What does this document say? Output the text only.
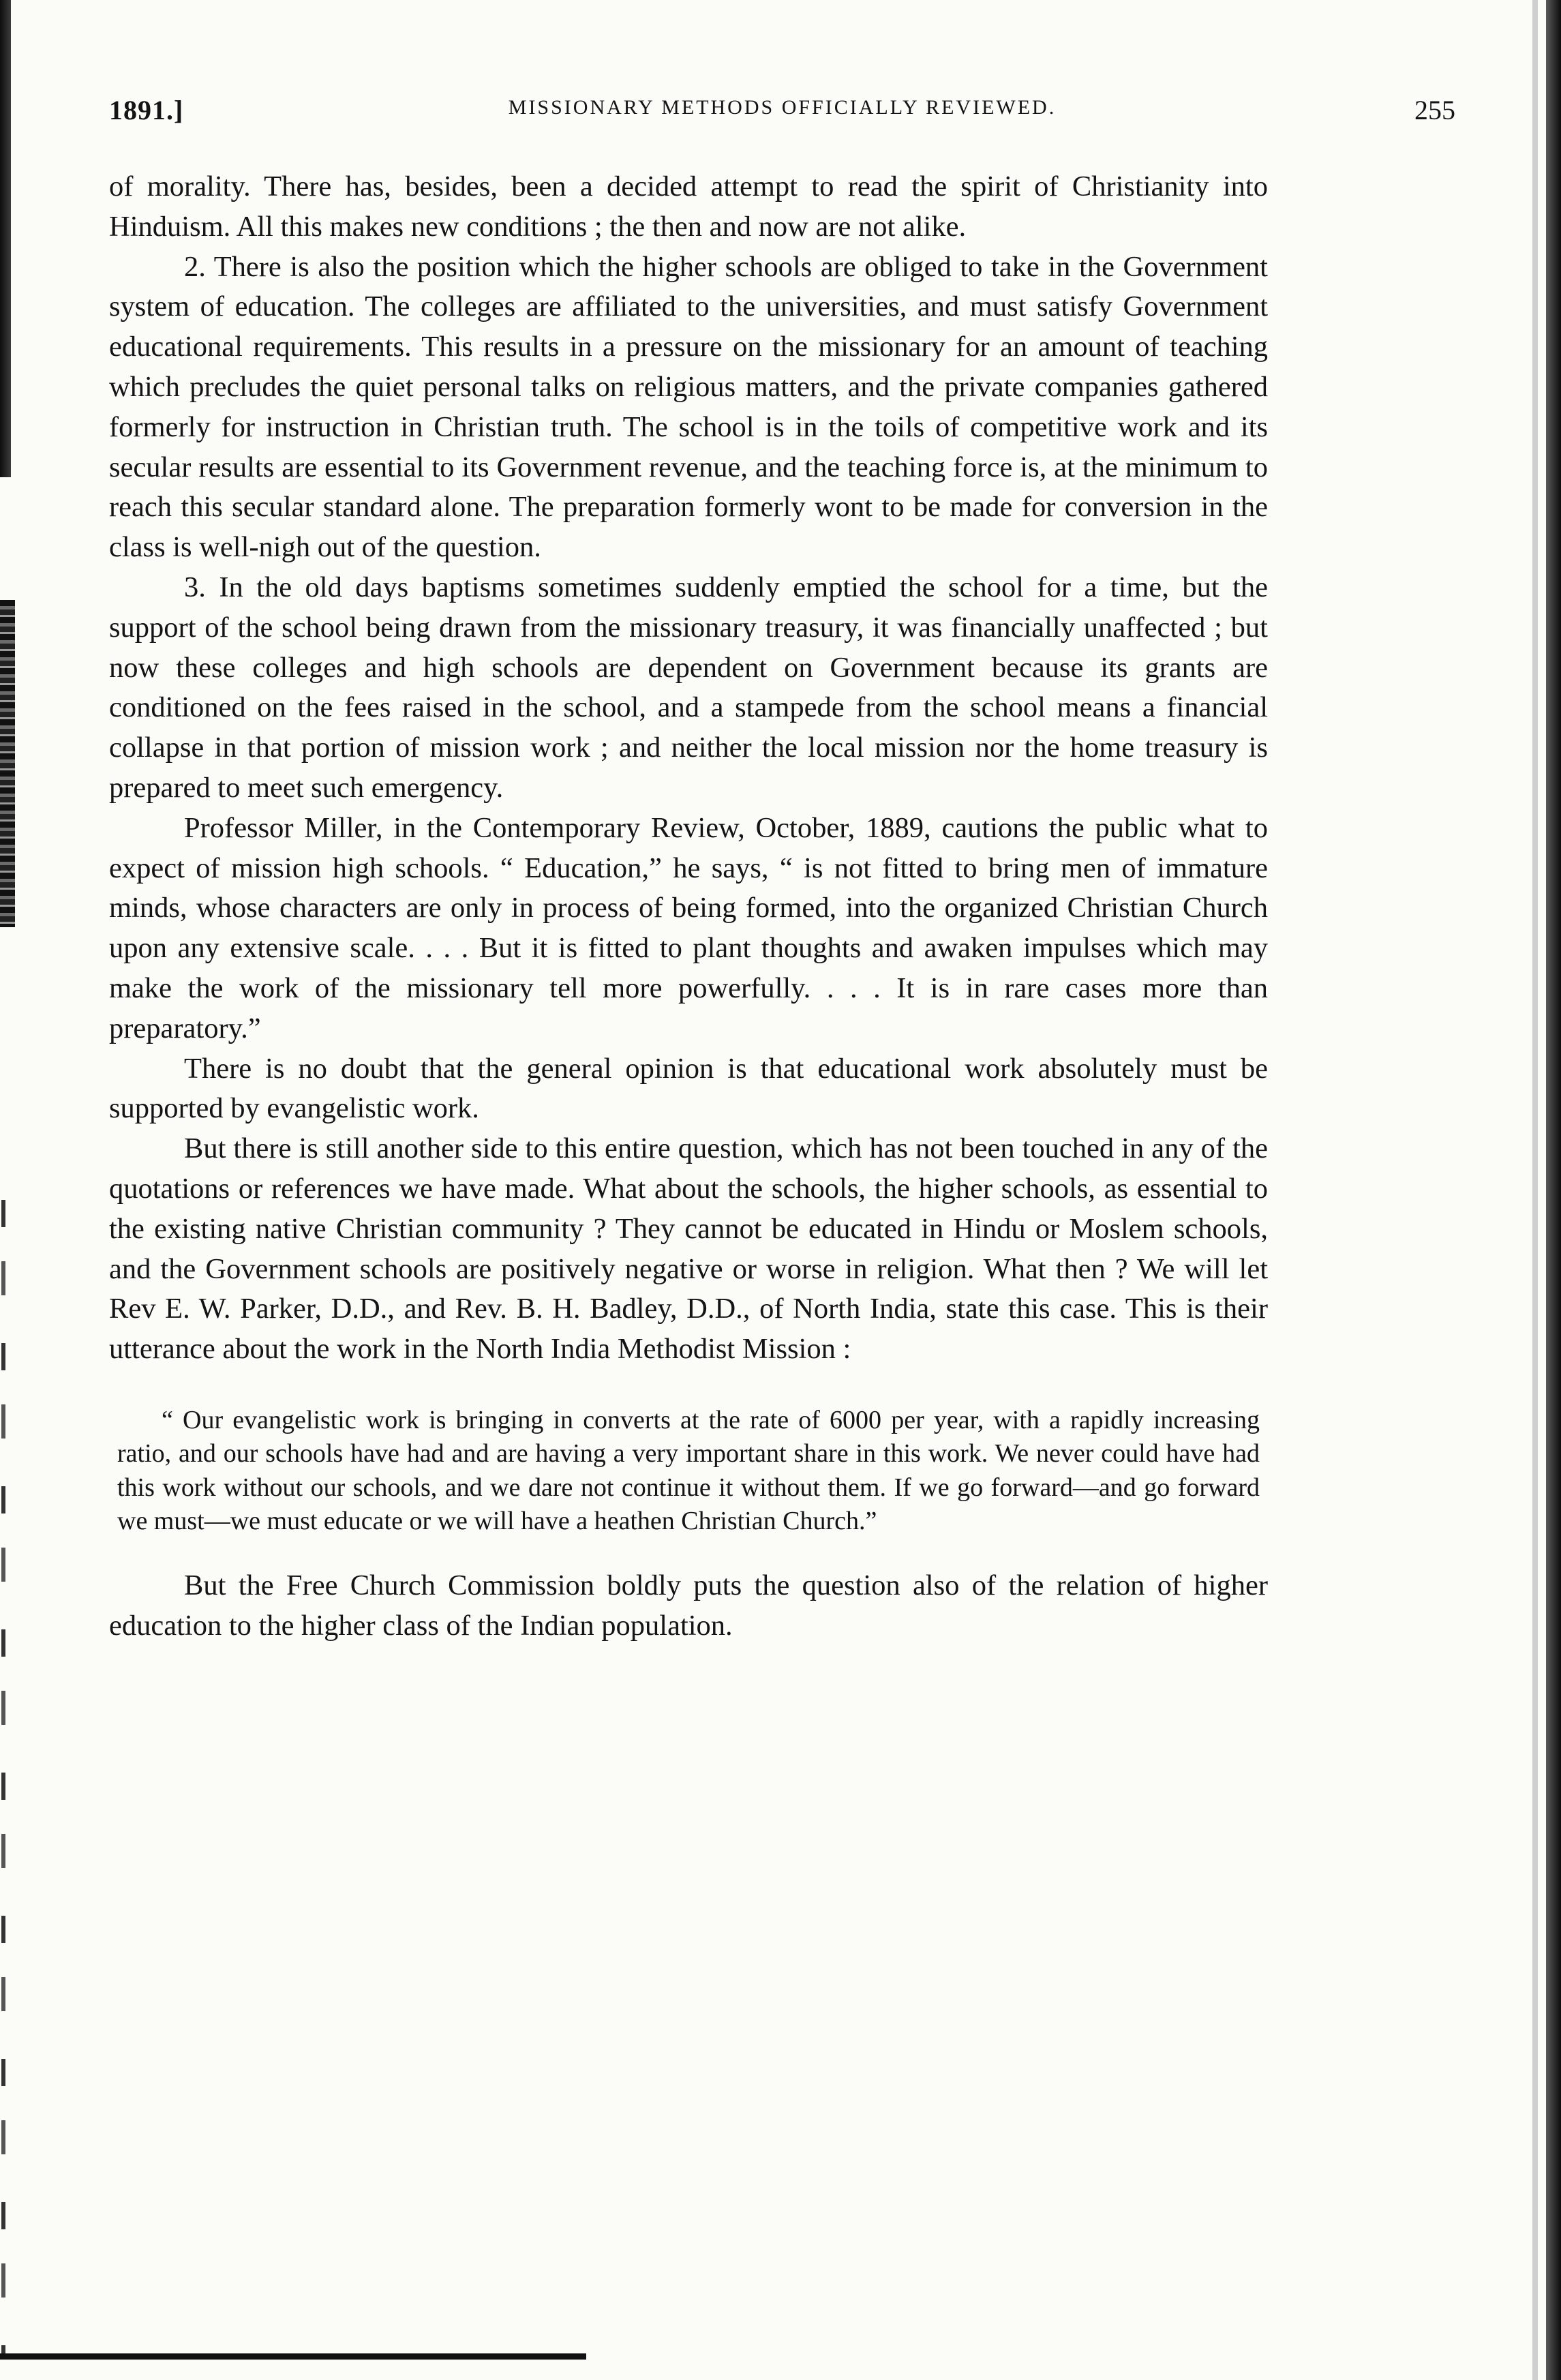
1891.]	MISSIONARY METHODS OFFICIALLY REVIEWED.	255

of morality. There has, besides, been a decided attempt to read the spirit of Christianity into Hinduism. All this makes new conditions ; the then and now are not alike.

2. There is also the position which the higher schools are obliged to take in the Government system of education. The colleges are affiliated to the universities, and must satisfy Government educational requirements. This results in a pressure on the missionary for an amount of teaching which precludes the quiet personal talks on religious matters, and the private companies gathered formerly for instruction in Christian truth. The school is in the toils of competitive work and its secular results are essential to its Government revenue, and the teaching force is, at the minimum to reach this secular standard alone. The preparation formerly wont to be made for conversion in the class is well-nigh out of the question.

3. In the old days baptisms sometimes suddenly emptied the school for a time, but the support of the school being drawn from the missionary treasury, it was financially unaffected ; but now these colleges and high schools are dependent on Government because its grants are conditioned on the fees raised in the school, and a stampede from the school means a financial collapse in that portion of mission work ; and neither the local mission nor the home treasury is prepared to meet such emergency.

Professor Miller, in the Contemporary Review, October, 1889, cautions the public what to expect of mission high schools. “ Education,” he says, “ is not fitted to bring men of immature minds, whose characters are only in process of being formed, into the organized Christian Church upon any extensive scale. . . . But it is fitted to plant thoughts and awaken impulses which may make the work of the missionary tell more powerfully. . . . It is in rare cases more than preparatory.”

There is no doubt that the general opinion is that educational work absolutely must be supported by evangelistic work.

But there is still another side to this entire question, which has not been touched in any of the quotations or references we have made. What about the schools, the higher schools, as essential to the existing native Christian community ? They cannot be educated in Hindu or Moslem schools, and the Government schools are positively negative or worse in religion. What then ? We will let Rev E. W. Parker, D.D., and Rev. B. H. Badley, D.D., of North India, state this case. This is their utterance about the work in the North India Methodist Mission :

“ Our evangelistic work is bringing in converts at the rate of 6000 per year, with a rapidly increasing ratio, and our schools have had and are having a very important share in this work. We never could have had this work without our schools, and we dare not continue it without them. If we go forward—and go forward we must—we must educate or we will have a heathen Christian Church.”

But the Free Church Commission boldly puts the question also of the relation of higher education to the higher class of the Indian population.
